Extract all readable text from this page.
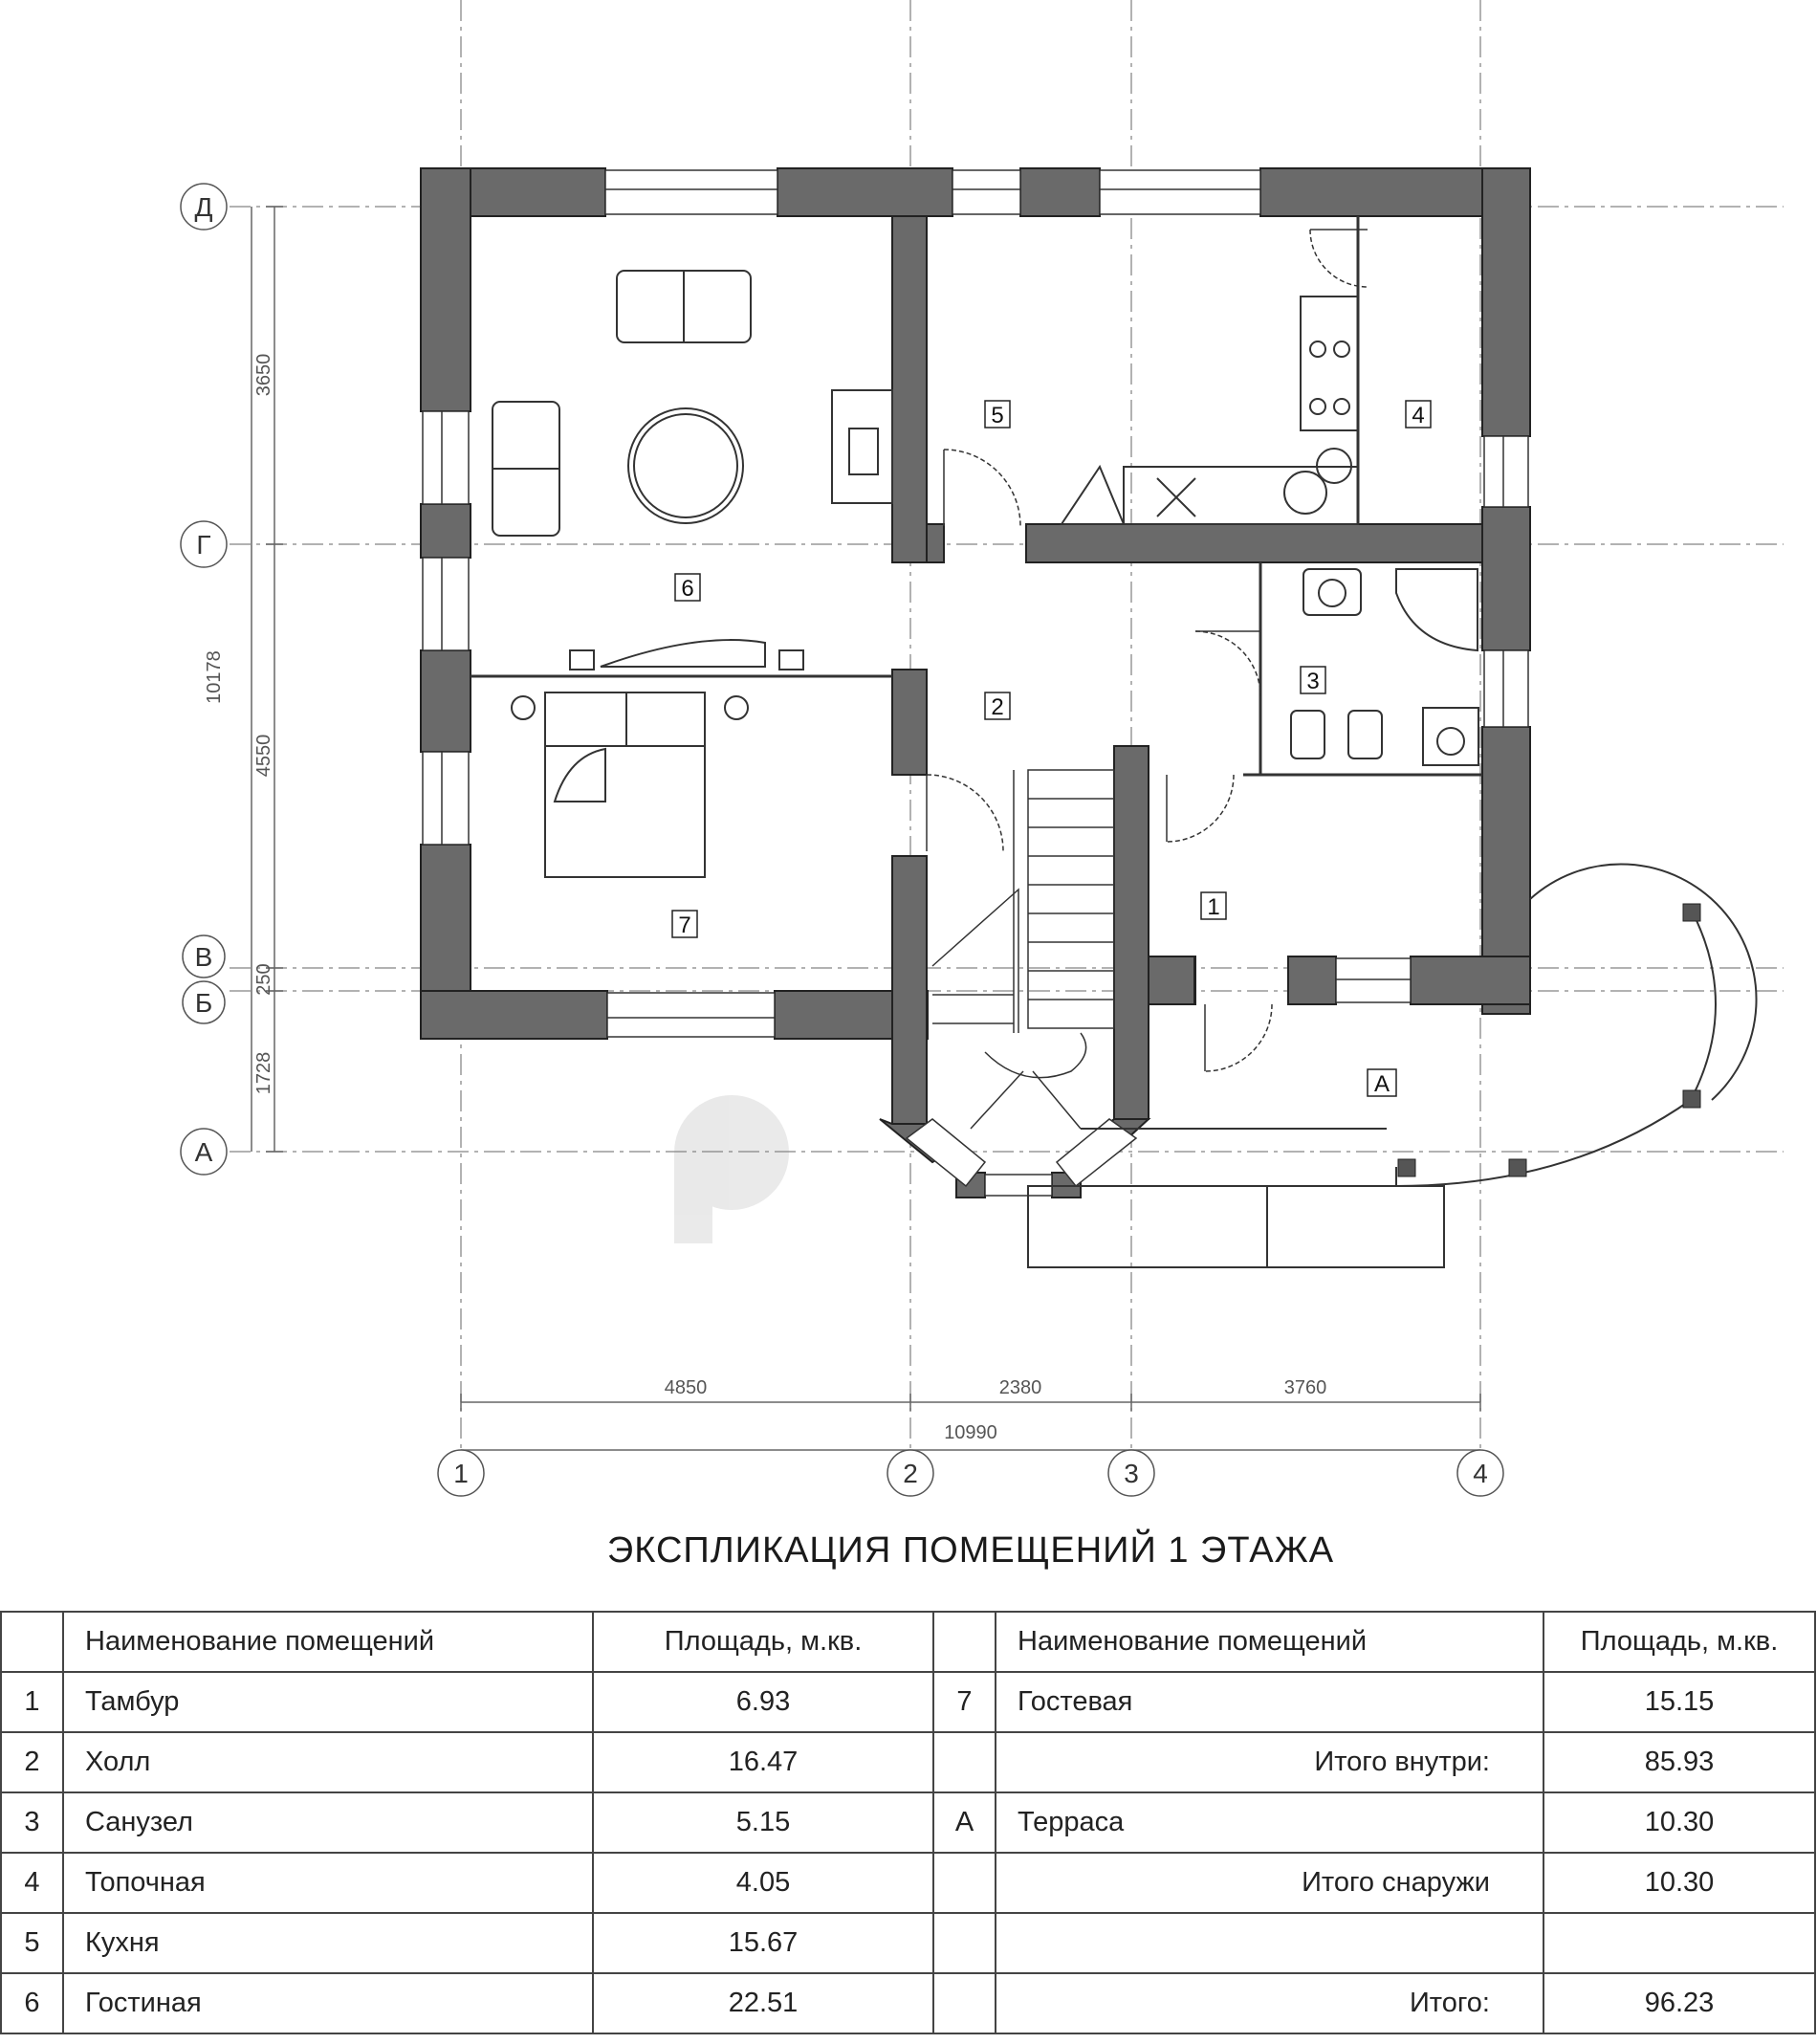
3650
4550
250
1728
10178
4850	2380	3760
10990
Д
Г
В
Б
А
1	2	3	4
1
2
3
4
5
6
7
А
ЭКСПЛИКАЦИЯ ПОМЕЩЕНИЙ 1 ЭТАЖА
	Наименование помещений	Площадь, м.кв.		Наименование помещений	Площадь, м.кв.
1	Тамбур	6.93	7	Гостевая	15.15
2	Холл	16.47		Итого внутри:	85.93
3	Санузел	5.15	А	Терраса	10.30
4	Топочная	4.05		Итого снаружи	10.30
5	Кухня	15.67			
6	Гостиная	22.51		Итого:	96.23
